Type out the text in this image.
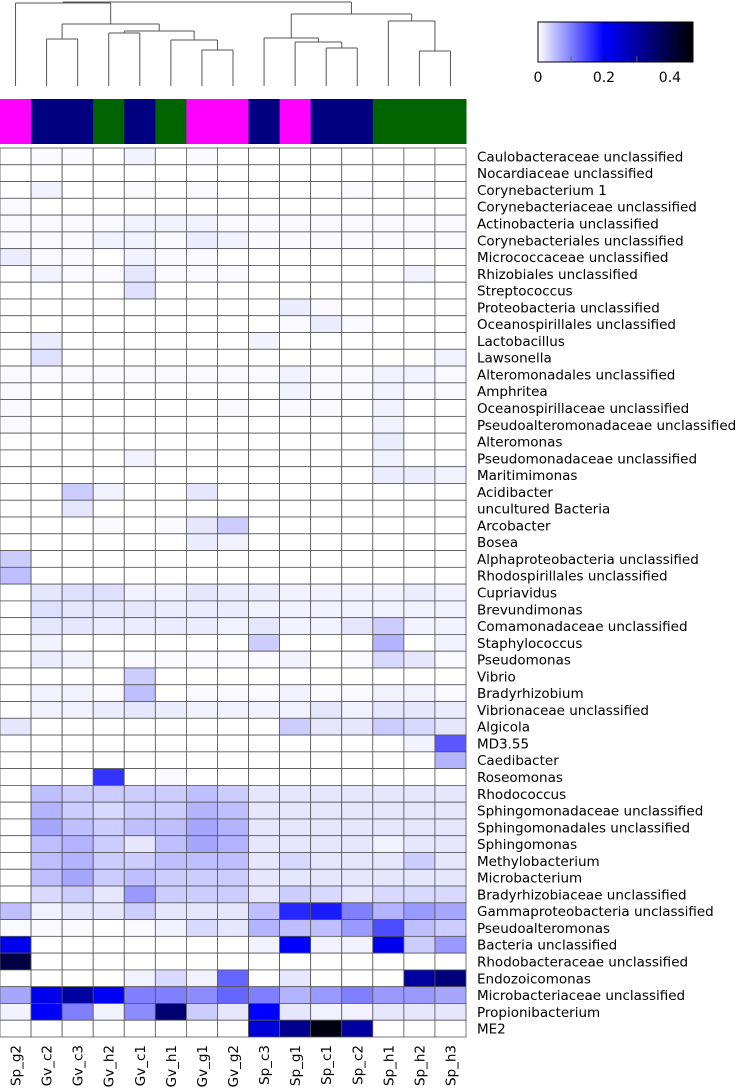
Caulobacteraceae unclassified
Nocardiaceae unclassified
Corynebacterium 1
Corynebacteriaceae unclassified
Actinobacteria unclassified
Corynebacteriales unclassified
Micrococcaceae unclassified
Rhizobiales unclassified
Streptococcus
Proteobacteria unclassified
Oceanospirillales unclassified
Lactobacillus
Lawsonella
Alteromonadales unclassified
Amphritea
Oceanospirillaceae unclassified
Pseudoalteromonadaceae unclassified
Alteromonas
Pseudomonadaceae unclassified
Maritimimonas
Acidibacter
uncultured Bacteria
Arcobacter
Bosea
Alphaproteobacteria unclassified
Rhodospirillales unclassified
Cupriavidus
Brevundimonas
Comamonadaceae unclassified
Staphylococcus
Pseudomonas
Vibrio
Bradyrhizobium
Vibrionaceae unclassified
Algicola
MD3.55
Caedibacter
Roseomonas
Rhodococcus
Sphingomonadaceae unclassified
Sphingomonadales unclassified
Sphingomonas
Methylobacterium
Microbacterium
Bradyrhizobiaceae unclassified
Gammaproteobacteria unclassified
Pseudoalteromonas
Bacteria unclassified
Rhodobacteraceae unclassified
Endozoicomonas
Microbacteriaceae unclassified
Propionibacterium
ME2
Sp_g2 Gv_c2 Gv_c3 Gv_h2 Gv_c1 Gv_h1 Gv_g1 Gv_g2 Sp_c3 Sp_g1 Sp_c1 Sp_c2 Sp_h1 Sp_h2 Sp_h3
0	0.2	0.4
